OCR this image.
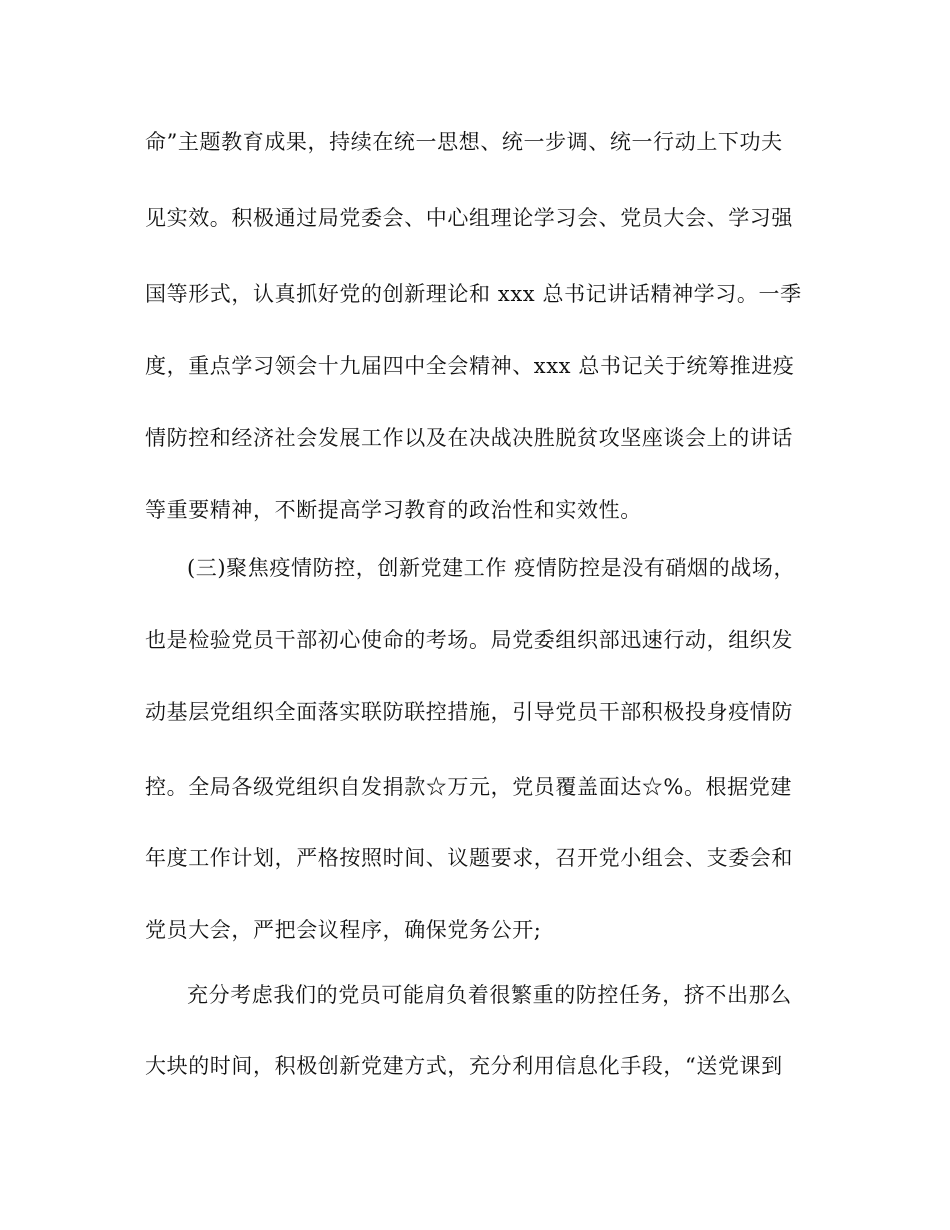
命”主题教育成果，持续在统一思想、统一步调、统一行动上下功夫
见实效。积极通过局党委会、中心组理论学习会、党员大会、学习强
国等形式，认真抓好党的创新理论和 xxx 总书记讲话精神学习。一季
度，重点学习领会十九届四中全会精神、xxx 总书记关于统筹推进疫
情防控和经济社会发展工作以及在决战决胜脱贫攻坚座谈会上的讲话
等重要精神，不断提高学习教育的政治性和实效性。
(三)聚焦疫情防控，创新党建工作 疫情防控是没有硝烟的战场，
也是检验党员干部初心使命的考场。局党委组织部迅速行动，组织发
动基层党组织全面落实联防联控措施，引导党员干部积极投身疫情防
控。全局各级党组织自发捐款☆万元，党员覆盖面达☆%。根据党建
年度工作计划，严格按照时间、议题要求，召开党小组会、支委会和
党员大会，严把会议程序，确保党务公开;
充分考虑我们的党员可能肩负着很繁重的防控任务，挤不出那么
大块的时间，积极创新党建方式，充分利用信息化手段，“送党课到
